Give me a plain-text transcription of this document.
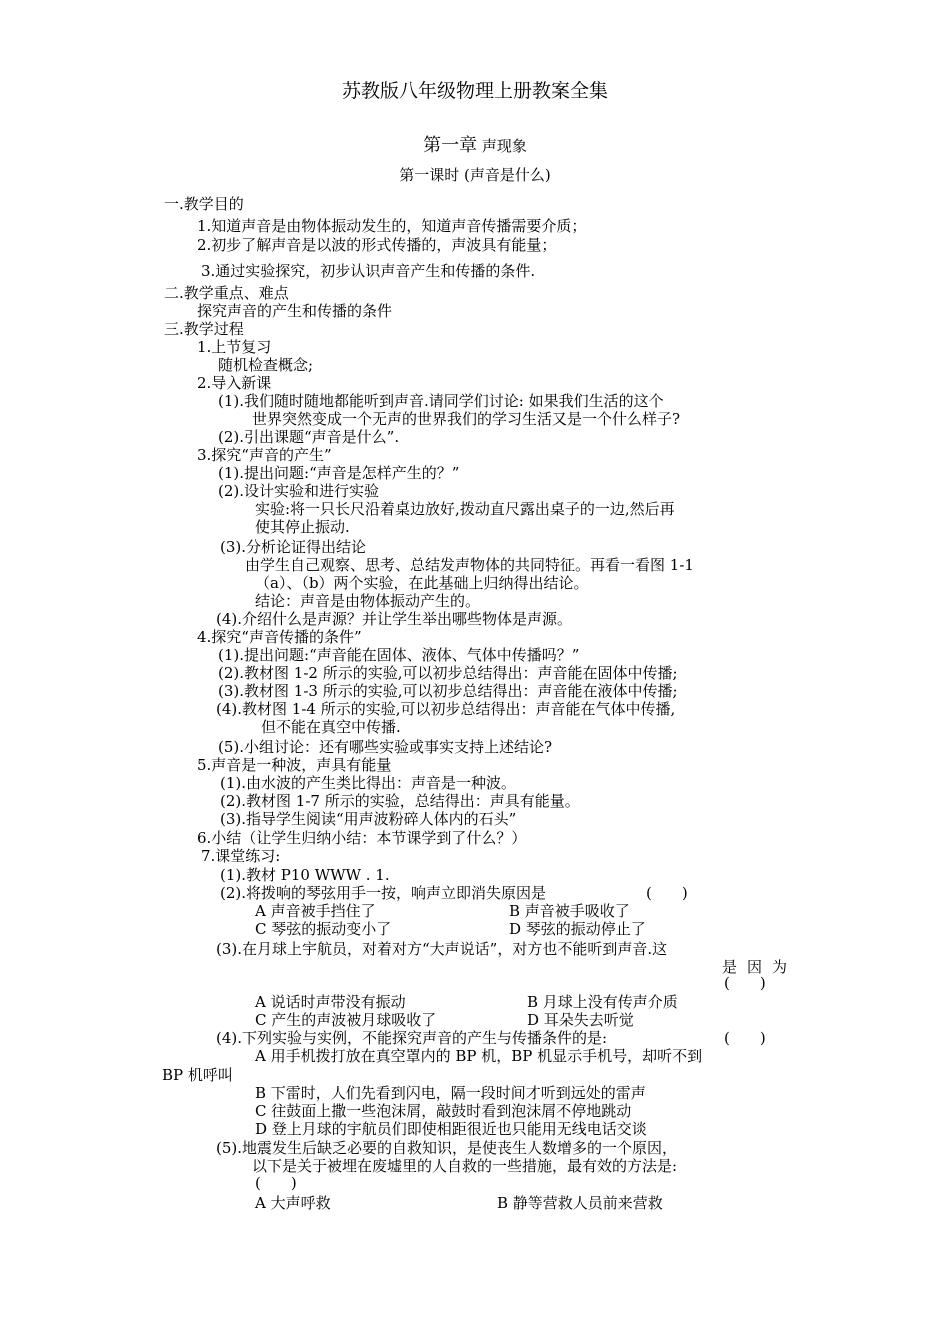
苏教版八年级物理上册教案全集
第一章 声现象
第一课时 (声音是什么)
一.教学目的
1.知道声音是由物体振动发生的，知道声音传播需要介质；
2.初步了解声音是以波的形式传播的，声波具有能量；
3.通过实验探究，初步认识声音产生和传播的条件.
二.教学重点、难点
探究声音的产生和传播的条件
三.教学过程
1.上节复习
随机检查概念;
2.导入新课
(1).我们随时随地都能听到声音.请同学们讨论: 如果我们生活的这个
世界突然变成一个无声的世界我们的学习生活又是一个什么样子?
(2).引出课题“声音是什么”.
3.探究“声音的产生”
(1).提出问题:“声音是怎样产生的？”
(2).设计实验和进行实验
实验:将一只长尺沿着桌边放好,拨动直尺露出桌子的一边,然后再
使其停止振动.
(3).分析论证得出结论
由学生自己观察、思考、总结发声物体的共同特征。再看一看图 1-1
（a）、（b）两个实验，在此基础上归纳得出结论。
结论：声音是由物体振动产生的。
(4).介绍什么是声源？并让学生举出哪些物体是声源。
4.探究“声音传播的条件”
(1).提出问题:“声音能在固体、液体、气体中传播吗？”
(2).教材图 1-2 所示的实验,可以初步总结得出：声音能在固体中传播;
(3).教材图 1-3 所示的实验,可以初步总结得出：声音能在液体中传播;
(4).教材图 1-4 所示的实验,可以初步总结得出：声音能在气体中传播,
但不能在真空中传播.
(5).小组讨论：还有哪些实验或事实支持上述结论?
5.声音是一种波，声具有能量
(1).由水波的产生类比得出：声音是一种波。
(2).教材图 1-7 所示的实验，总结得出：声具有能量。
(3).指导学生阅读“用声波粉碎人体内的石头”
6.小结（让学生归纳小结：本节课学到了什么？）
7.课堂练习:
(1).教材 P10 WWW . 1.
(2).将拨响的琴弦用手一按，响声立即消失原因是	(　　)
A 声音被手挡住了	B 声音被手吸收了
C 琴弦的振动变小了	D 琴弦的振动停止了
(3).在月球上宇航员，对着对方“大声说话”，对方也不能听到声音.这
是 因 为
(　　)
A 说话时声带没有振动	B 月球上没有传声介质
C 产生的声波被月球吸收了	D 耳朵失去听觉
(4).下列实验与实例，不能探究声音的产生与传播条件的是:	(　　)
A 用手机拨打放在真空罩内的 BP 机，BP 机显示手机号，却听不到
BP 机呼叫
B 下雷时，人们先看到闪电，隔一段时间才听到远处的雷声
C 往鼓面上撒一些泡沫屑，敲鼓时看到泡沫屑不停地跳动
D 登上月球的宇航员们即使相距很近也只能用无线电话交谈
(5).地震发生后缺乏必要的自救知识，是使丧生人数增多的一个原因，
以下是关于被埋在废墟里的人自救的一些措施，最有效的方法是:
(　　)
A 大声呼救	B 静等营救人员前来营救
